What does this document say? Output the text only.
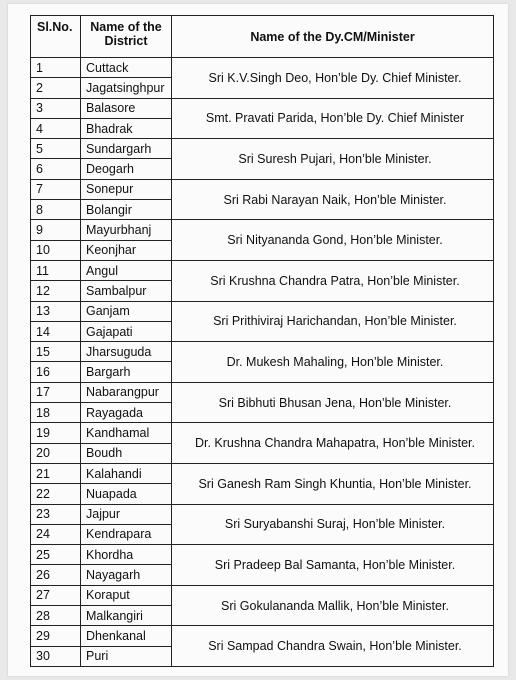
Sl.No.	Name of the District	Name of the Dy.CM/Minister
1	Cuttack	Sri K.V.Singh Deo, Hon’ble Dy. Chief Minister.
2	Jagatsinghpur	
3	Balasore	Smt. Pravati Parida, Hon’ble Dy. Chief Minister
4	Bhadrak	
5	Sundargarh	Sri Suresh Pujari, Hon’ble Minister.
6	Deogarh	
7	Sonepur	Sri Rabi Narayan Naik, Hon’ble Minister.
8	Bolangir	
9	Mayurbhanj	Sri Nityananda Gond, Hon’ble Minister.
10	Keonjhar	
11	Angul	Sri Krushna Chandra Patra, Hon’ble Minister.
12	Sambalpur	
13	Ganjam	Sri Prithiviraj Harichandan, Hon’ble Minister.
14	Gajapati	
15	Jharsuguda	Dr. Mukesh Mahaling, Hon’ble Minister.
16	Bargarh	
17	Nabarangpur	Sri Bibhuti Bhusan Jena, Hon’ble Minister.
18	Rayagada	
19	Kandhamal	Dr. Krushna Chandra Mahapatra, Hon’ble Minister.
20	Boudh	
21	Kalahandi	Sri Ganesh Ram Singh Khuntia, Hon’ble Minister.
22	Nuapada	
23	Jajpur	Sri Suryabanshi Suraj, Hon’ble Minister.
24	Kendrapara	
25	Khordha	Sri Pradeep Bal Samanta, Hon’ble Minister.
26	Nayagarh	
27	Koraput	Sri Gokulananda Mallik, Hon’ble Minister.
28	Malkangiri	
29	Dhenkanal	Sri Sampad Chandra Swain, Hon’ble Minister.
30	Puri	
